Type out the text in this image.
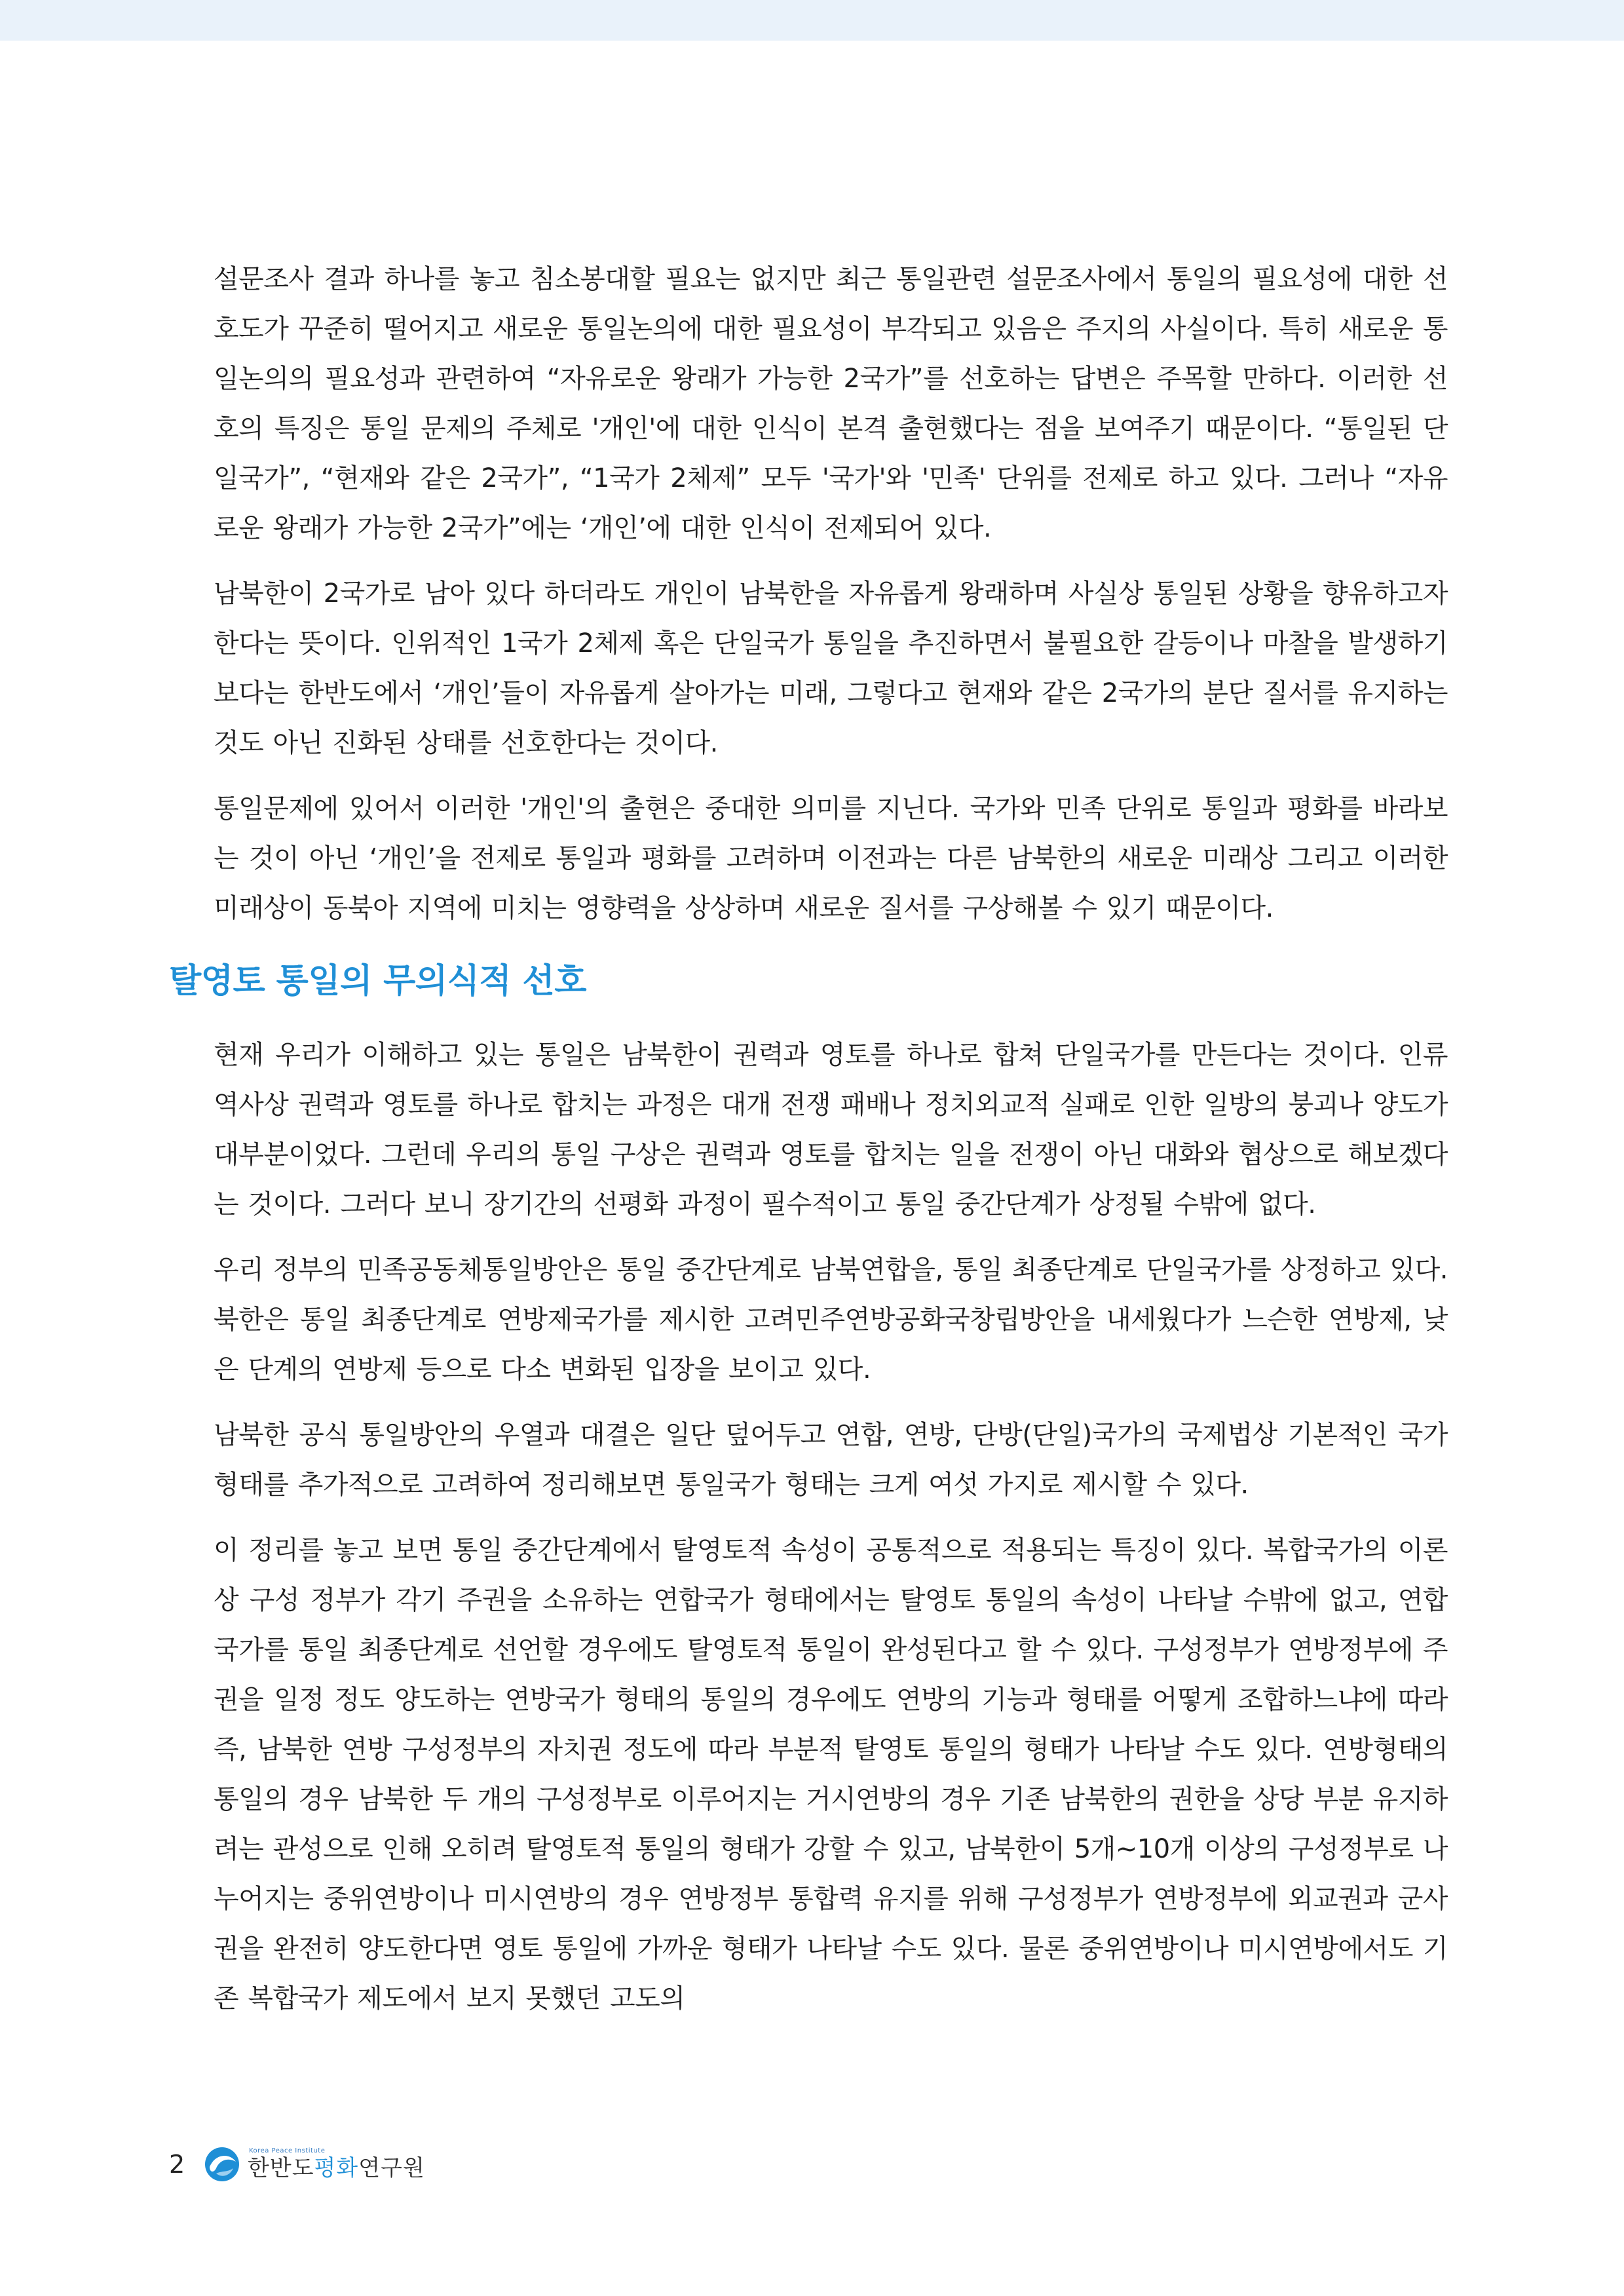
설문조사 결과 하나를 놓고 침소봉대할 필요는 없지만 최근 통일관련 설문조사에서 통일의 필요성에 대한 선호도가 꾸준히 떨어지고 새로운 통일논의에 대한 필요성이 부각되고 있음은 주지의 사실이다. 특히 새로운 통일논의의 필요성과 관련하여 “자유로운 왕래가 가능한 2국가”를 선호하는 답변은 주목할 만하다. 이러한 선호의 특징은 통일 문제의 주체로 '개인'에 대한 인식이 본격 출현했다는 점을 보여주기 때문이다. “통일된 단일국가”, “현재와 같은 2국가”, “1국가 2체제” 모두 '국가'와 '민족' 단위를 전제로 하고 있다. 그러나 “자유로운 왕래가 가능한 2국가”에는 ‘개인’에 대한 인식이 전제되어 있다.

남북한이 2국가로 남아 있다 하더라도 개인이 남북한을 자유롭게 왕래하며 사실상 통일된 상황을 향유하고자 한다는 뜻이다. 인위적인 1국가 2체제 혹은 단일국가 통일을 추진하면서 불필요한 갈등이나 마찰을 발생하기보다는 한반도에서 ‘개인’들이 자유롭게 살아가는 미래, 그렇다고 현재와 같은 2국가의 분단 질서를 유지하는 것도 아닌 진화된 상태를 선호한다는 것이다.

통일문제에 있어서 이러한 '개인'의 출현은 중대한 의미를 지닌다. 국가와 민족 단위로 통일과 평화를 바라보는 것이 아닌 ‘개인’을 전제로 통일과 평화를 고려하며 이전과는 다른 남북한의 새로운 미래상 그리고 이러한 미래상이 동북아 지역에 미치는 영향력을 상상하며 새로운 질서를 구상해볼 수 있기 때문이다.

탈영토 통일의 무의식적 선호

현재 우리가 이해하고 있는 통일은 남북한이 권력과 영토를 하나로 합쳐 단일국가를 만든다는 것이다. 인류 역사상 권력과 영토를 하나로 합치는 과정은 대개 전쟁 패배나 정치외교적 실패로 인한 일방의 붕괴나 양도가 대부분이었다. 그런데 우리의 통일 구상은 권력과 영토를 합치는 일을 전쟁이 아닌 대화와 협상으로 해보겠다는 것이다. 그러다 보니 장기간의 선평화 과정이 필수적이고 통일 중간단계가 상정될 수밖에 없다.

우리 정부의 민족공동체통일방안은 통일 중간단계로 남북연합을, 통일 최종단계로 단일국가를 상정하고 있다. 북한은 통일 최종단계로 연방제국가를 제시한 고려민주연방공화국창립방안을 내세웠다가 느슨한 연방제, 낮은 단계의 연방제 등으로 다소 변화된 입장을 보이고 있다.

남북한 공식 통일방안의 우열과 대결은 일단 덮어두고 연합, 연방, 단방(단일)국가의 국제법상 기본적인 국가형태를 추가적으로 고려하여 정리해보면 통일국가 형태는 크게 여섯 가지로 제시할 수 있다.

이 정리를 놓고 보면 통일 중간단계에서 탈영토적 속성이 공통적으로 적용되는 특징이 있다. 복합국가의 이론상 구성 정부가 각기 주권을 소유하는 연합국가 형태에서는 탈영토 통일의 속성이 나타날 수밖에 없고, 연합국가를 통일 최종단계로 선언할 경우에도 탈영토적 통일이 완성된다고 할 수 있다. 구성정부가 연방정부에 주권을 일정 정도 양도하는 연방국가 형태의 통일의 경우에도 연방의 기능과 형태를 어떻게 조합하느냐에 따라 즉, 남북한 연방 구성정부의 자치권 정도에 따라 부분적 탈영토 통일의 형태가 나타날 수도 있다. 연방형태의 통일의 경우 남북한 두 개의 구성정부로 이루어지는 거시연방의 경우 기존 남북한의 권한을 상당 부분 유지하려는 관성으로 인해 오히려 탈영토적 통일의 형태가 강할 수 있고, 남북한이 5개~10개 이상의 구성정부로 나누어지는 중위연방이나 미시연방의 경우 연방정부 통합력 유지를 위해 구성정부가 연방정부에 외교권과 군사권을 완전히 양도한다면 영토 통일에 가까운 형태가 나타날 수도 있다. 물론 중위연방이나 미시연방에서도 기존 복합국가 제도에서 보지 못했던 고도의

2	Korea Peace Institute
한반도평화연구원
